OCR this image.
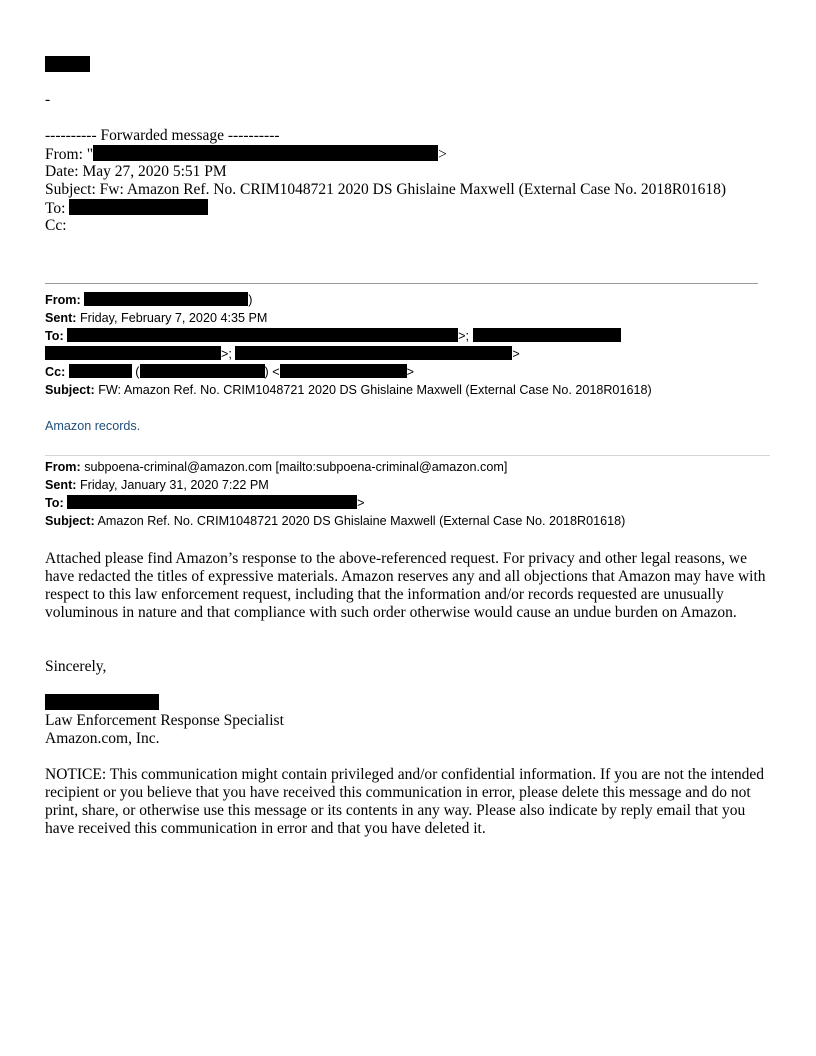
-
---------- Forwarded message ----------
From: "	>
Date: May 27, 2020 5:51 PM
Subject: Fw: Amazon Ref. No. CRIM1048721 2020 DS Ghislaine Maxwell (External Case No. 2018R01618)
To:
Cc:
From:	)
Sent: Friday, February 7, 2020 4:35 PM
To:	>;
>;	>
Cc:	(	) <	>
Subject: FW: Amazon Ref. No. CRIM1048721 2020 DS Ghislaine Maxwell (External Case No. 2018R01618)
Amazon records.
From: subpoena-criminal@amazon.com [mailto:subpoena-criminal@amazon.com]
Sent: Friday, January 31, 2020 7:22 PM
To:	>
Subject: Amazon Ref. No. CRIM1048721 2020 DS Ghislaine Maxwell (External Case No. 2018R01618)
Attached please find Amazon’s response to the above-referenced request. For privacy and other legal reasons, we have redacted the titles of expressive materials. Amazon reserves any and all objections that Amazon may have with respect to this law enforcement request, including that the information and/or records requested are unusually voluminous in nature and that compliance with such order otherwise would cause an undue burden on Amazon.
Sincerely,
Law Enforcement Response Specialist
Amazon.com, Inc.
NOTICE: This communication might contain privileged and/or confidential information. If you are not the intended recipient or you believe that you have received this communication in error, please delete this message and do not print, share, or otherwise use this message or its contents in any way. Please also indicate by reply email that you have received this communication in error and that you have deleted it.
